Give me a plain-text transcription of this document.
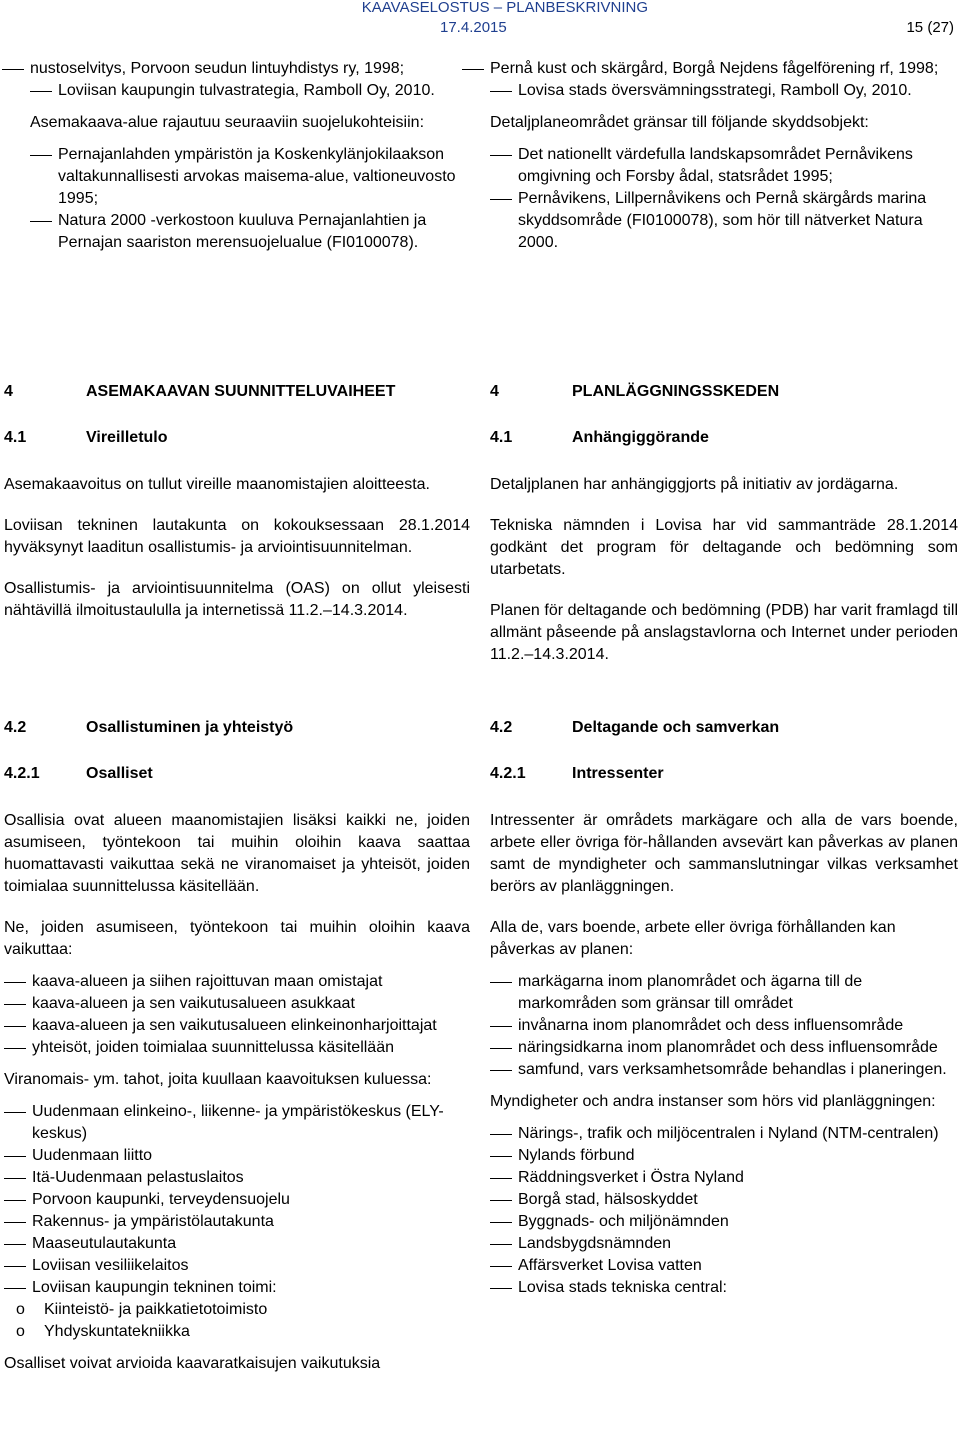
KAAVASELOSTUS – PLANBESKRIVNING
17.4.2015	15 (27)
nustoselvitys, Porvoon seudun lintuyhdistys ry, 1998;
Loviisan kaupungin tulvastrategia, Ramboll Oy, 2010.

Asemakaava-alue rajautuu seuraaviin suojelukohteisiin:

Pernajanlahden ympäristön ja Koskenkylänjokilaakson valtakunnallisesti arvokas maisema-alue, valtioneuvosto 1995;
Natura 2000 -verkostoon kuuluva Pernajanlahtien ja Pernajan saariston merensuojelualue (FI0100078).
Pernå kust och skärgård, Borgå Nejdens fågelförening rf, 1998;
Lovisa stads översvämningsstrategi, Ramboll Oy, 2010.

Detaljplaneområdet gränsar till följande skyddsobjekt:

Det nationellt värdefulla landskapsområdet Pernåvikens omgivning och Forsby ådal, statsrådet 1995;
Pernåvikens, Lillpernåvikens och Pernå skärgårds marina skyddsområde (FI0100078), som hör till nätverket Natura 2000.
4	ASEMAKAAVAN SUUNNITTELUVAIHEET	4	PLANLÄGGNINGSSKEDEN
4.1	Vireilletulo	4.1	Anhängiggörande

Asemakaavoitus on tullut vireille maanomistajien aloitteesta.

Loviisan tekninen lautakunta on kokouksessaan 28.1.2014 hyväksynyt laaditun osallistumis- ja arviointisuunnitelman.

Osallistumis- ja arviointisuunnitelma (OAS) on ollut yleisesti nähtävillä ilmoitustaululla ja internetissä 11.2.–14.3.2014.

Detaljplanen har anhängiggjorts på initiativ av jordägarna.

Tekniska nämnden i Lovisa har vid sammanträde 28.1.2014 godkänt det program för deltagande och bedömning som utarbetats.

Planen för deltagande och bedömning (PDB) har varit framlagd till allmänt påseende på anslagstavlorna och Internet under perioden 11.2.–14.3.2014.

4.2	Osallistuminen ja yhteistyö	4.2	Deltagande och samverkan
4.2.1	Osalliset	4.2.1	Intressenter

Osallisia ovat alueen maanomistajien lisäksi kaikki ne, joiden asumiseen, työntekoon tai muihin oloihin kaava saattaa huomattavasti vaikuttaa sekä ne viranomaiset ja yhteisöt, joiden toimialaa suunnittelussa käsitellään.

Ne, joiden asumiseen, työntekoon tai muihin oloihin kaava vaikuttaa:

kaava-alueen ja siihen rajoittuvan maan omistajat
kaava-alueen ja sen vaikutusalueen asukkaat
kaava-alueen ja sen vaikutusalueen elinkeinonharjoittajat
yhteisöt, joiden toimialaa suunnittelussa käsitellään

Viranomais- ym. tahot, joita kuullaan kaavoituksen kuluessa:

Uudenmaan elinkeino-, liikenne- ja ympäristökeskus (ELY-keskus)
Uudenmaan liitto
Itä-Uudenmaan pelastuslaitos
Porvoon kaupunki, terveydensuojelu
Rakennus- ja ympäristölautakunta
Maaseutulautakunta
Loviisan vesiliikelaitos
Loviisan kaupungin tekninen toimi:
o Kiinteistö- ja paikkatietotoimisto
o Yhdyskuntatekniikka

Osalliset voivat arvioida kaavaratkaisujen vaikutuksia

Intressenter är områdets markägare och alla de vars boende, arbete eller övriga för-hållanden avsevärt kan påverkas av planen samt de myndigheter och sammanslutningar vilkas verksamhet berörs av planläggningen.

Alla de, vars boende, arbete eller övriga förhållanden kan påverkas av planen:

markägarna inom planområdet och ägarna till de markområden som gränsar till området
invånarna inom planområdet och dess influensområde
näringsidkarna inom planområdet och dess influensområde
samfund, vars verksamhetsområde behandlas i planeringen.

Myndigheter och andra instanser som hörs vid planläggningen:

Närings-, trafik och miljöcentralen i Nyland (NTM-centralen)
Nylands förbund
Räddningsverket i Östra Nyland
Borgå stad, hälsoskyddet
Byggnads- och miljönämnden
Landsbygdsnämnden
Affärsverket Lovisa vatten
Lovisa stads tekniska central:
